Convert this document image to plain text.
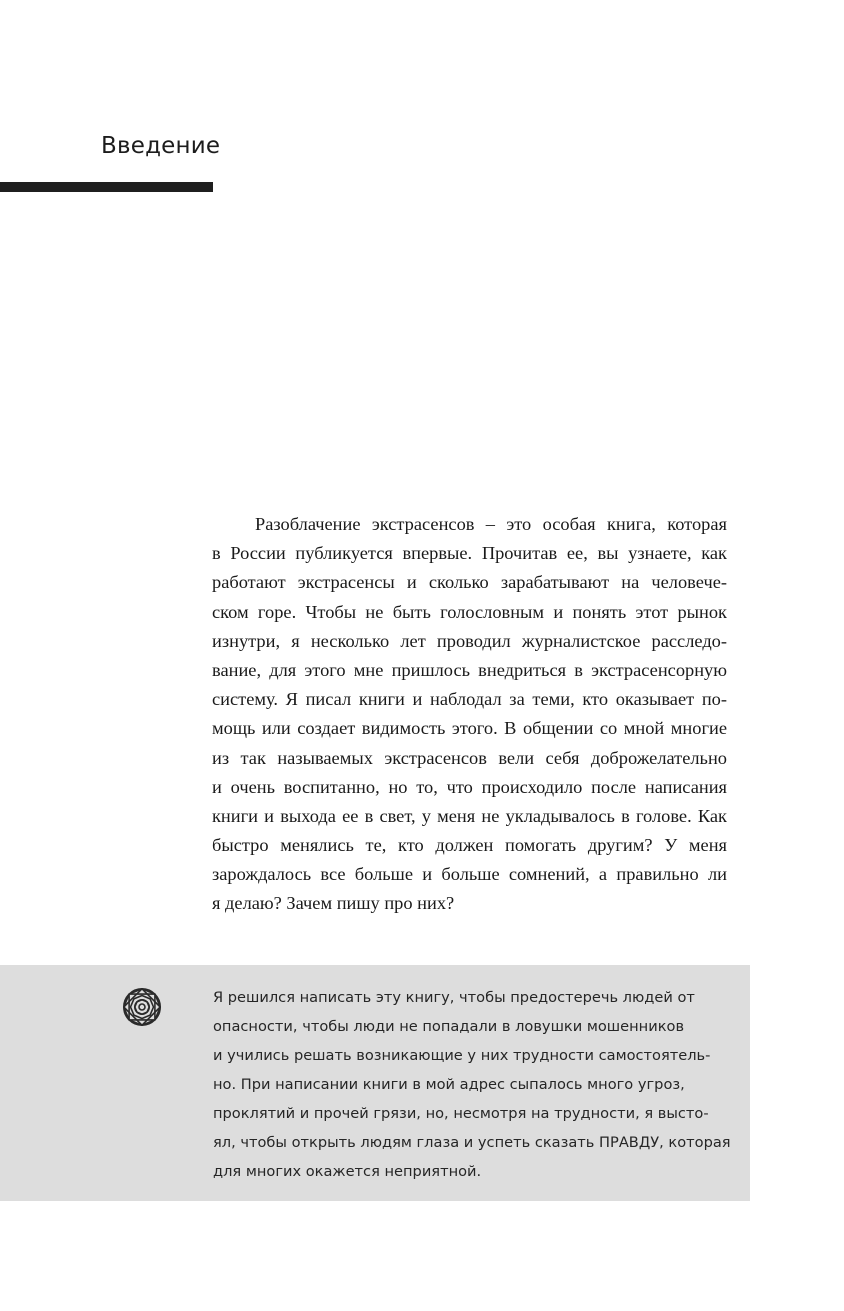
Введение
Разоблачение экстрасенсов – это особая книга, которая
в России публикуется впервые. Прочитав ее, вы узнаете, как
работают экстрасенсы и сколько зарабатывают на человече-
ском горе. Чтобы не быть голословным и понять этот рынок
изнутри, я несколько лет проводил журналистское расследо-
вание, для этого мне пришлось внедриться в экстрасенсорную
систему. Я писал книги и наблодал за теми, кто оказывает по-
мощь или создает видимость этого. В общении со мной многие
из так называемых экстрасенсов вели себя доброжелательно
и очень воспитанно, но то, что происходило после написания
книги и выхода ее в свет, у меня не укладывалось в голове. Как
быстро менялись те, кто должен помогать другим? У меня
зарождалось все больше и больше сомнений, а правильно ли
я делаю? Зачем пишу про них?
Я решился написать эту книгу, чтобы предостеречь людей от
опасности, чтобы люди не попадали в ловушки мошенников
и учились решать возникающие у них трудности самостоятель-
но. При написании книги в мой адрес сыпалось много угроз,
проклятий и прочей грязи, но, несмотря на трудности, я высто-
ял, чтобы открыть людям глаза и успеть сказать ПРАВДУ, которая
для многих окажется неприятной.
